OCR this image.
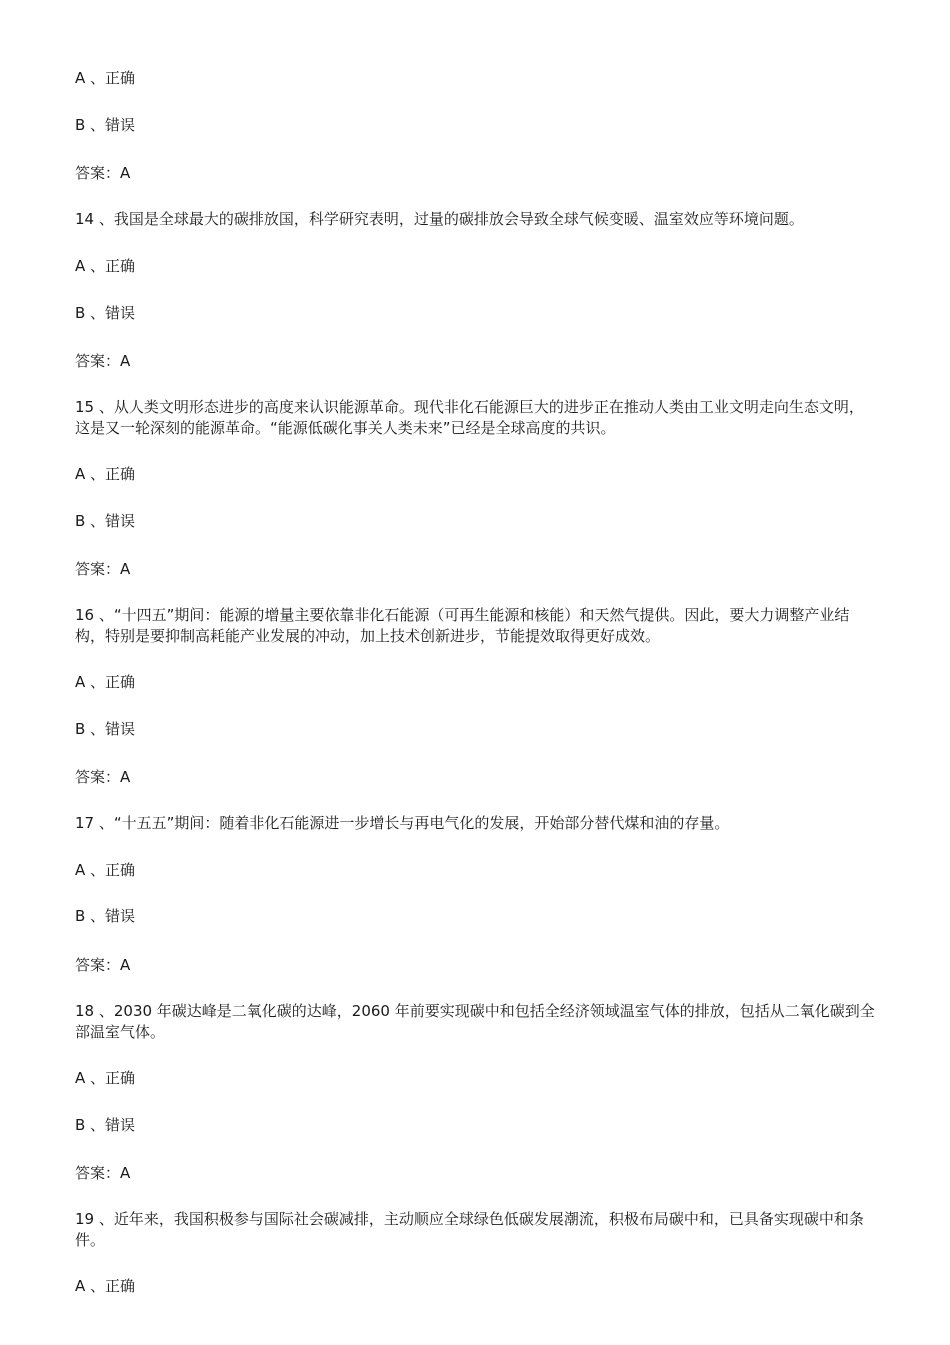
A 、正确
B 、错误
答案：A
14 、我国是全球最大的碳排放国，科学研究表明，过量的碳排放会导致全球气候变暖、温室效应等环境问题。
A 、正确
B 、错误
答案：A
15 、从人类文明形态进步的高度来认识能源革命。现代非化石能源巨大的进步正在推动人类由工业文明走向生态文明，这是又一轮深刻的能源革命。“能源低碳化事关人类未来”已经是全球高度的共识。
A 、正确
B 、错误
答案：A
16 、“十四五”期间：能源的增量主要依靠非化石能源（可再生能源和核能）和天然气提供。因此，要大力调整产业结构，特别是要抑制高耗能产业发展的冲动，加上技术创新进步，节能提效取得更好成效。
A 、正确
B 、错误
答案：A
17 、“十五五”期间：随着非化石能源进一步增长与再电气化的发展，开始部分替代煤和油的存量。
A 、正确
B 、错误
答案：A
18 、2030 年碳达峰是二氧化碳的达峰，2060 年前要实现碳中和包括全经济领域温室气体的排放，包括从二氧化碳到全部温室气体。
A 、正确
B 、错误
答案：A
19 、近年来，我国积极参与国际社会碳减排，主动顺应全球绿色低碳发展潮流，积极布局碳中和，已具备实现碳中和条件。
A 、正确
